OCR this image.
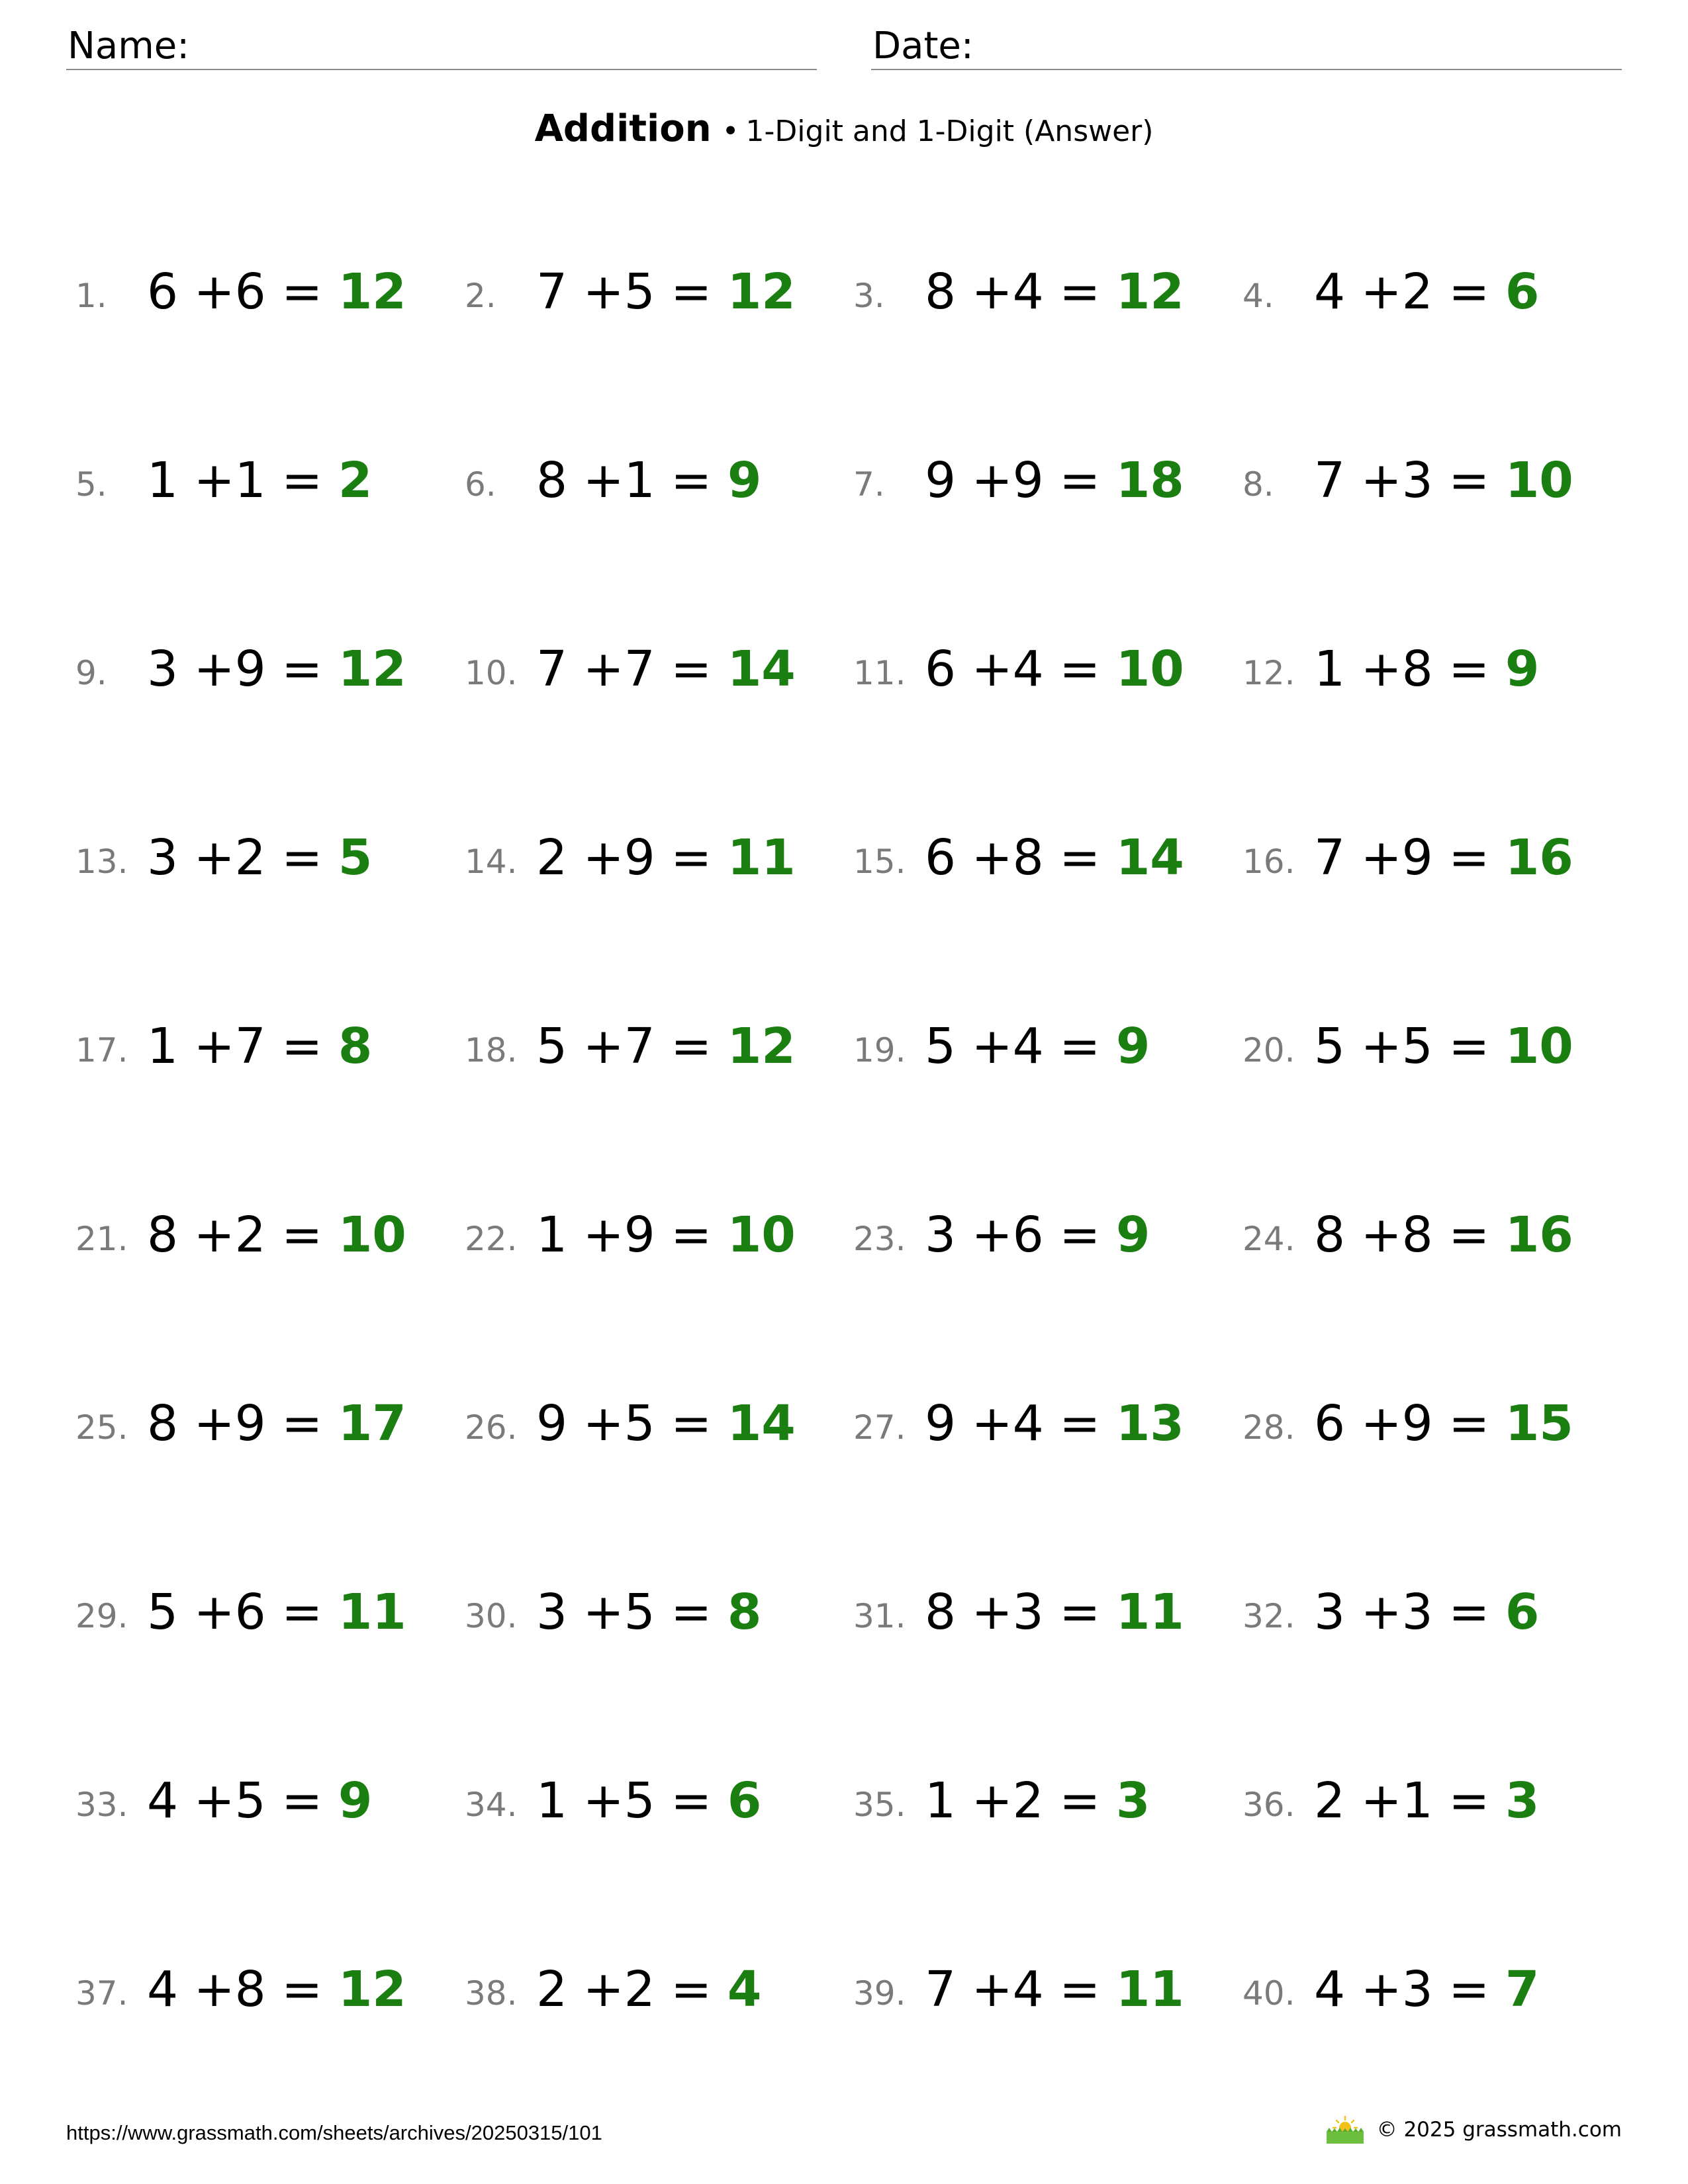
Name:	Date:
Addition • 1-Digit and 1-Digit (Answer)
1. 6 +6 = 12 2. 7 +5 = 12 3. 8 +4 = 12 4. 4 +2 = 6
5. 1 +1 = 2	6. 8 +1 = 9	7. 9 +9 = 18 8. 7 +3 = 10
9. 3 +9 = 12 10. 7 +7 = 14 11. 6 +4 = 10 12. 1 +8 = 9
13. 3 +2 = 5	14. 2 +9 = 11 15. 6 +8 = 14 16. 7 +9 = 16
17. 1 +7 = 8	18. 5 +7 = 12 19. 5 +4 = 9	20. 5 +5 = 10
21. 8 +2 = 10 22. 1 +9 = 10 23. 3 +6 = 9	24. 8 +8 = 16
25. 8 +9 = 17 26. 9 +5 = 14 27. 9 +4 = 13 28. 6 +9 = 15
29. 5 +6 = 11 30. 3 +5 = 8	31. 8 +3 = 11 32. 3 +3 = 6
33. 4 +5 = 9	34. 1 +5 = 6	35. 1 +2 = 3	36. 2 +1 = 3
37. 4 +8 = 12 38. 2 +2 = 4	39. 7 +4 = 11 40. 4 +3 = 7
https://www.grassmath.com/sheets/archives/20250315/101	© 2025 grassmath.com
